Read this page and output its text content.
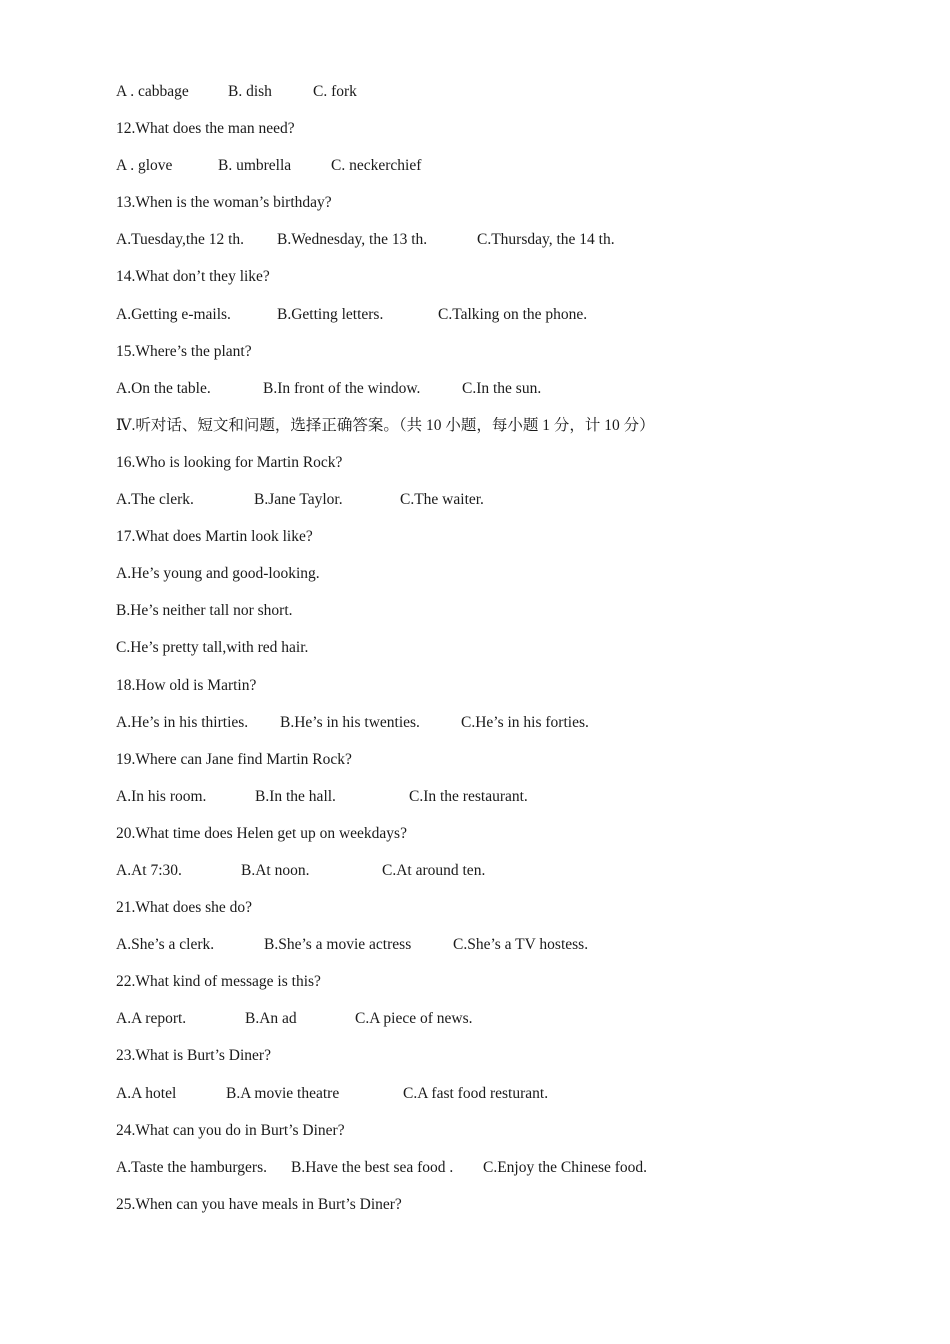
A . cabbage	B. dish	C. fork
12.What does the man need?
A . glove	B. umbrella	C. neckerchief
13.When is the woman’s birthday?
A.Tuesday,the 12 th. B.Wednesday, the 13 th.	C.Thursday, the 14 th.
14.What don’t they like?
A.Getting e-mails.	B.Getting letters.	C.Talking on the phone.
15.Where’s the plant?
A.On the table.	B.In front of the window.	C.In the sun.
Ⅳ.听对话、短文和问题，选择正确答案。（共 10 小题，每小题 1 分，计 10 分）
16.Who is looking for Martin Rock?
A.The clerk.	B.Jane Taylor.	C.The waiter.
17.What does Martin look like?
A.He’s young and good-looking.
B.He’s neither tall nor short.
C.He’s pretty tall,with red hair.
18.How old is Martin?
A.He’s in his thirties. B.He’s in his twenties.	C.He’s in his forties.
19.Where can Jane find Martin Rock?
A.In his room.	B.In the hall.	C.In the restaurant.
20.What time does Helen get up on weekdays?
A.At 7:30.	B.At noon.	C.At around ten.
21.What does she do?
A.She’s a clerk.	B.She’s a movie actress	C.She’s a TV hostess.
22.What kind of message is this?
A.A report.	B.An ad	C.A piece of news.
23.What is Burt’s Diner?
A.A hotel	B.A movie theatre	C.A fast food resturant.
24.What can you do in Burt’s Diner?
A.Taste the hamburgers. B.Have the best sea food . C.Enjoy the Chinese food.
25.When can you have meals in Burt’s Diner?
